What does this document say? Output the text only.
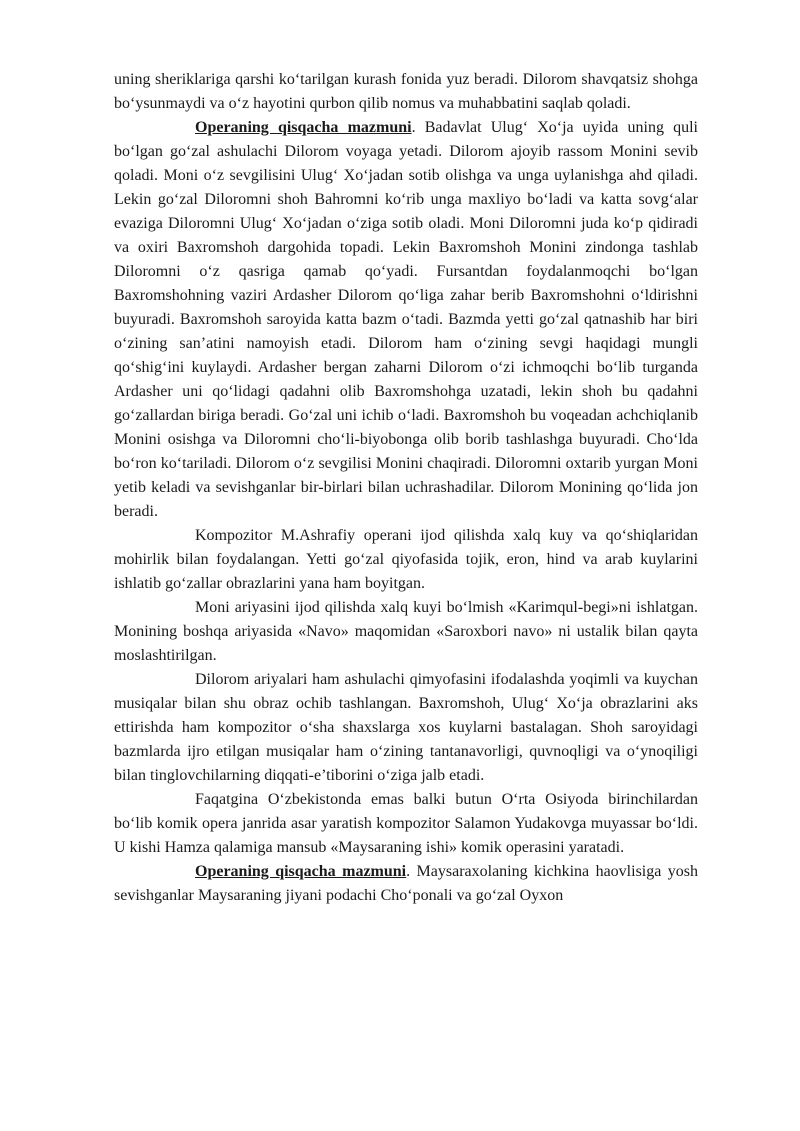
uning sheriklariga qarshi ko‘tarilgan kurash fonida yuz beradi. Dilorom shavqatsiz shohga bo‘ysunmaydi va o‘z hayotini qurbon qilib nomus va muhabbatini saqlab qoladi.

Operaning qisqacha mazmuni. Badavlat Ulug‘ Xo‘ja uyida uning quli bo‘lgan go‘zal ashulachi Dilorom voyaga yetadi. Dilorom ajoyib rassom Monini sevib qoladi. Moni o‘z sevgilisini Ulug‘ Xo‘jadan sotib olishga va unga uylanishga ahd qiladi. Lekin go‘zal Diloromni shoh Bahromni ko‘rib unga maxliyo bo‘ladi va katta sovg‘alar evaziga Diloromni Ulug‘ Xo‘jadan o‘ziga sotib oladi. Moni Diloromni juda ko‘p qidiradi va oxiri Baxromshoh dargohida topadi. Lekin Baxromshoh Monini zindonga tashlab Diloromni o‘z qasriga qamab qo‘yadi. Fursantdan foydalanmoqchi bo‘lgan Baxromshohning vaziri Ardasher Dilorom qo‘liga zahar berib Baxromshohni o‘ldirishni buyuradi. Baxromshoh saroyida katta bazm o‘tadi. Bazmda yetti go‘zal qatnashib har biri o‘zining san’atini namoyish etadi. Dilorom ham o‘zining sevgi haqidagi mungli qo‘shig‘ini kuylaydi. Ardasher bergan zaharni Dilorom o‘zi ichmoqchi bo‘lib turganda Ardasher uni qo‘lidagi qadahni olib Baxromshohga uzatadi, lekin shoh bu qadahni go‘zallardan biriga beradi. Go‘zal uni ichib o‘ladi. Baxromshoh bu voqeadan achchiqlanib Monini osishga va Diloromni cho‘li-biyobonga olib borib tashlashga buyuradi. Cho‘lda bo‘ron ko‘tariladi. Dilorom o‘z sevgilisi Monini chaqiradi. Diloromni oxtarib yurgan Moni yetib keladi va sevishganlar bir-birlari bilan uchrashadilar. Dilorom Monining qo‘lida jon beradi.

Kompozitor M.Ashrafiy operani ijod qilishda xalq kuy va qo‘shiqlaridan mohirlik bilan foydalangan. Yetti go‘zal qiyofasida tojik, eron, hind va arab kuylarini ishlatib go‘zallar obrazlarini yana ham boyitgan.

Moni ariyasini ijod qilishda xalq kuyi bo‘lmish «Karimqul-begi»ni ishlatgan. Monining boshqa ariyasida «Navo» maqomidan «Saroxbori navo» ni ustalik bilan qayta moslashtirilgan.

Dilorom ariyalari ham ashulachi qimyofasini ifodalashda yoqimli va kuychan musiqalar bilan shu obraz ochib tashlangan. Baxromshoh, Ulug‘ Xo‘ja obrazlarini aks ettirishda ham kompozitor o‘sha shaxslarga xos kuylarni bastalagan. Shoh saroyidagi bazmlarda ijro etilgan musiqalar ham o‘zining tantanavorligi, quvnoqligi va o‘ynoqiligi bilan tinglovchilarning diqqati-e’tiborini o‘ziga jalb etadi.

Faqatgina O‘zbekistonda emas balki butun O‘rta Osiyoda birinchilardan bo‘lib komik opera janrida asar yaratish kompozitor Salamon Yudakovga muyassar bo‘ldi. U kishi Hamza qalamiga mansub «Maysaraning ishi» komik operasini yaratadi.

Operaning qisqacha mazmuni. Maysaraxolaning kichkina haovlisiga yosh sevishganlar Maysaraning jiyani podachi Cho‘ponali va go‘zal Oyxon
